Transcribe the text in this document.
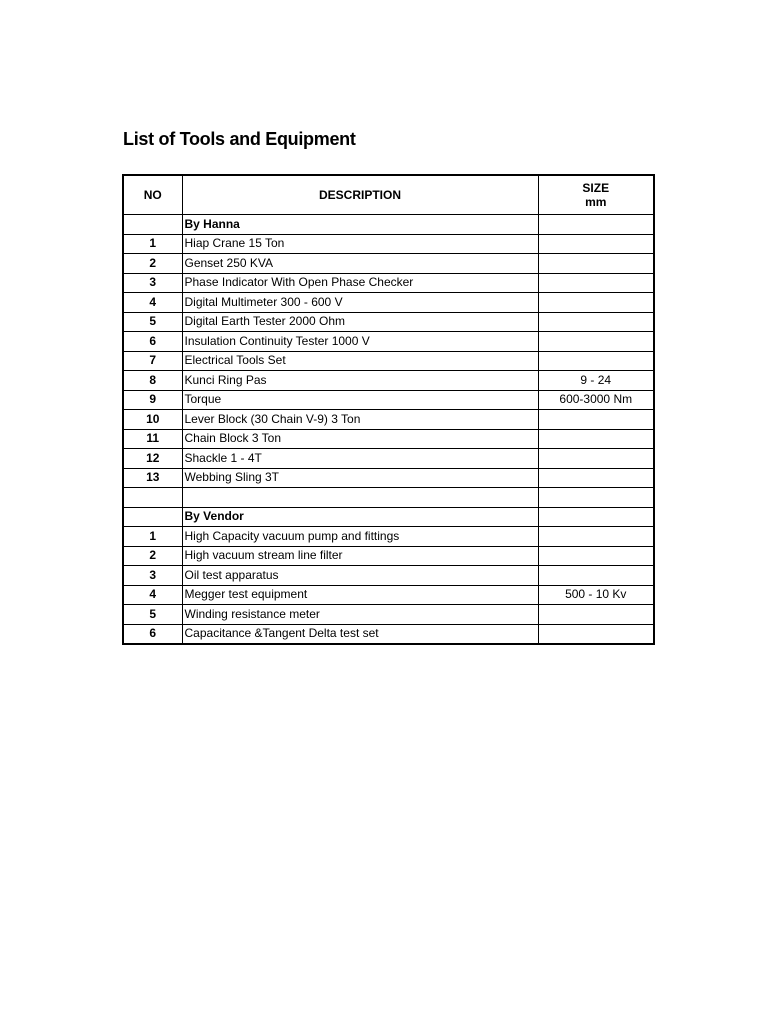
List of Tools and Equipment
NO	DESCRIPTION	SIZE
mm

	By Hanna	
1	Hiap Crane 15 Ton	
2	Genset 250 KVA	
3	Phase Indicator With Open Phase Checker	
4	Digital Multimeter 300 - 600 V	
5	Digital Earth Tester 2000 Ohm	
6	Insulation Continuity Tester 1000 V	
7	Electrical Tools Set	
8	Kunci Ring Pas	9 - 24
9	Torque	600-3000 Nm
10	Lever Block (30 Chain V-9) 3 Ton	
11	Chain Block 3 Ton	
12	Shackle 1 - 4T	
13	Webbing Sling 3T	

	By Vendor	
1	High Capacity vacuum pump and fittings	
2	High vacuum stream line filter	
3	Oil test apparatus	
4	Megger test equipment	500 - 10 Kv
5	Winding resistance meter	
6	Capacitance &Tangent Delta test set	
